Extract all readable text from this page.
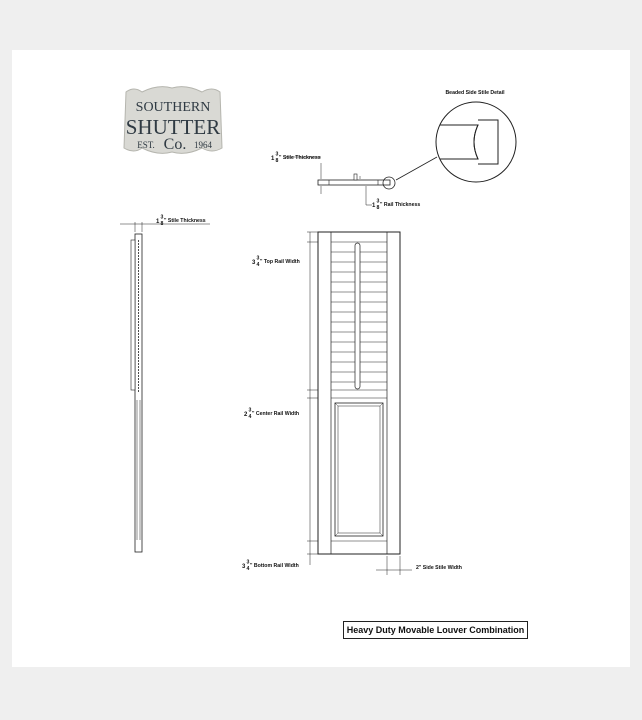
SOUTHERN
SHUTTER
EST. Co. 1964
Beaded Side Stile Detail
1
3
8 " Stile Thickness
1
3
8 " Rail Thickness
1
3
8 " Stile Thickness
3
3
4 " Top Rail Width
2
3
4 " Center Rail Width
3
3
4 " Bottom Rail Width	2" Side Stile Width
Heavy Duty Movable Louver Combination
